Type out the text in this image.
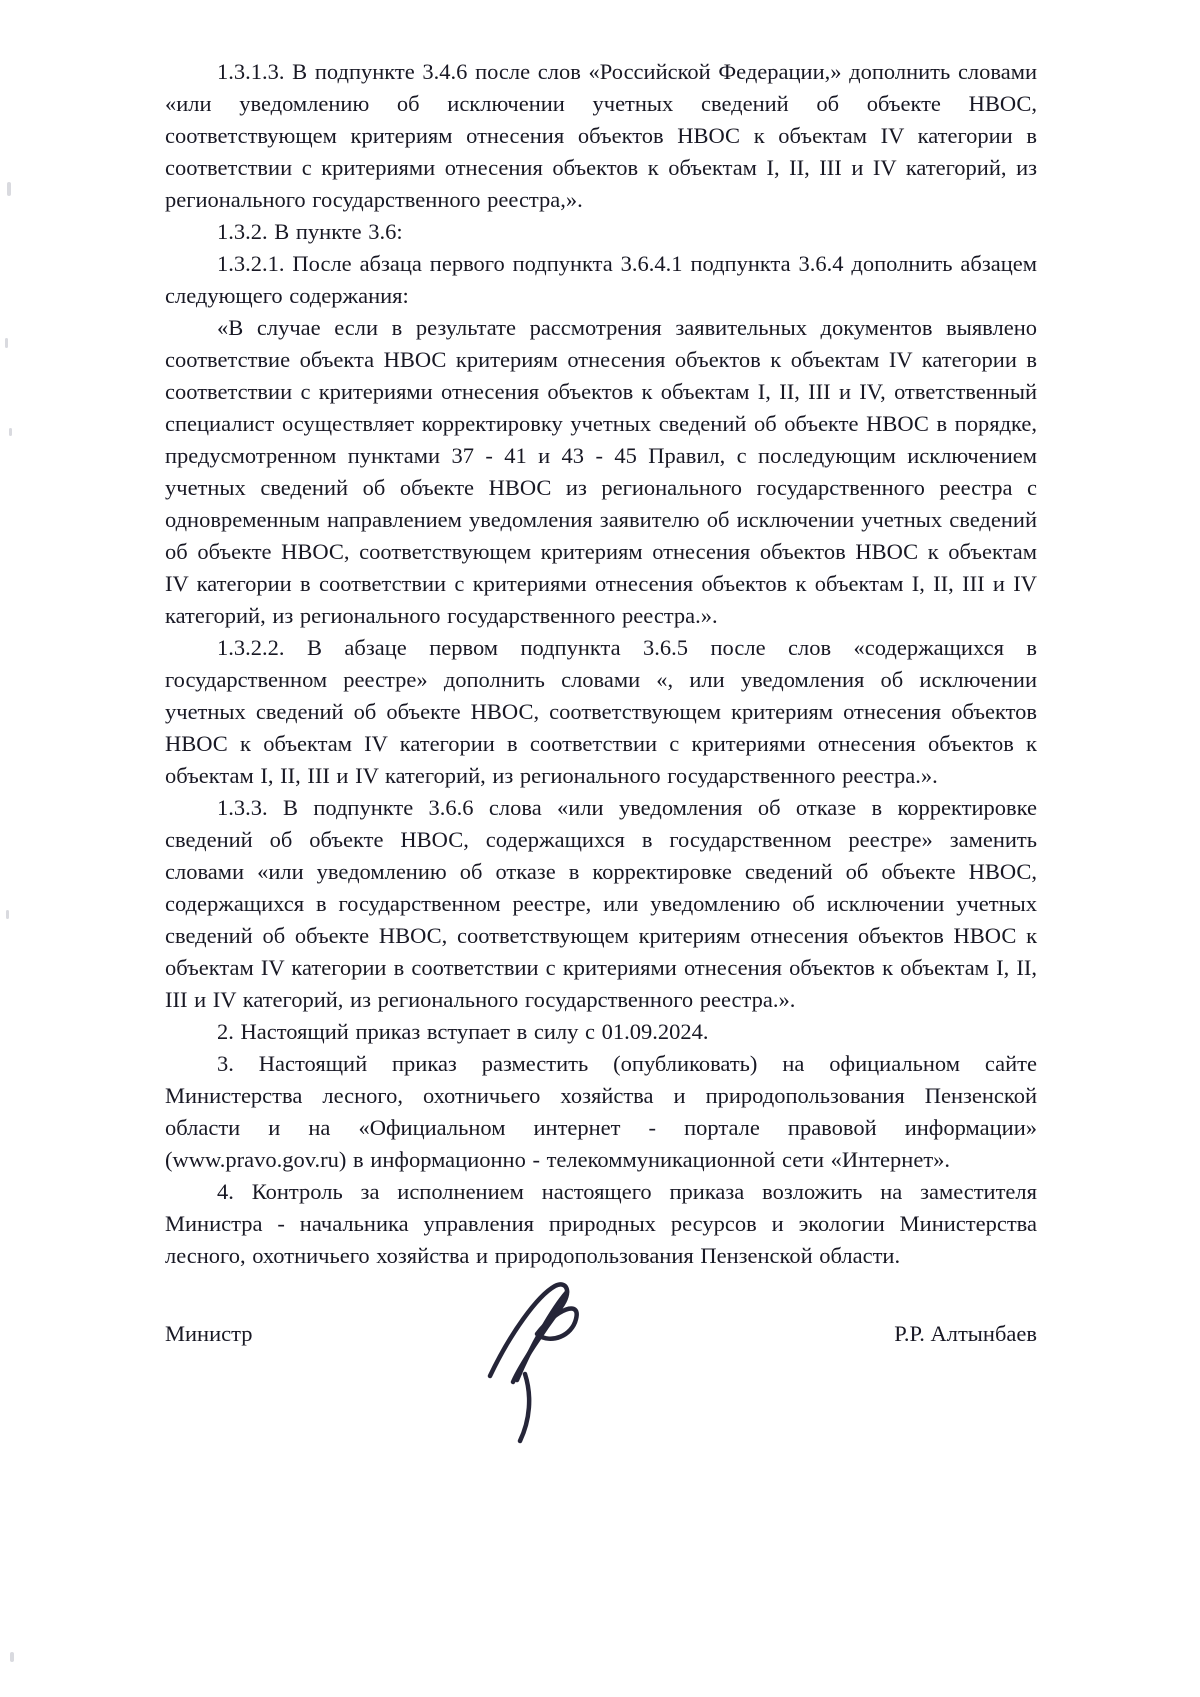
1.3.1.3. В подпункте 3.4.6 после слов «Российской Федерации,» дополнить словами «или уведомлению об исключении учетных сведений об объекте НВОС, соответствующем критериям отнесения объектов НВОС к объектам IV категории в соответствии с критериями отнесения объектов к объектам I, II, III и IV категорий, из регионального государственного реестра,».

1.3.2. В пункте 3.6:

1.3.2.1. После абзаца первого подпункта 3.6.4.1 подпункта 3.6.4 дополнить абзацем следующего содержания:

«В случае если в результате рассмотрения заявительных документов выявлено соответствие объекта НВОС критериям отнесения объектов к объектам IV категории в соответствии с критериями отнесения объектов к объектам I, II, III и IV, ответственный специалист осуществляет корректировку учетных сведений об объекте НВОС в порядке, предусмотренном пунктами 37 - 41 и 43 - 45 Правил, с последующим исключением учетных сведений об объекте НВОС из регионального государственного реестра с одновременным направлением уведомления заявителю об исключении учетных сведений об объекте НВОС, соответствующем критериям отнесения объектов НВОС к объектам IV категории в соответствии с критериями отнесения объектов к объектам I, II, III и IV категорий, из регионального государственного реестра.».

1.3.2.2. В абзаце первом подпункта 3.6.5 после слов «содержащихся в государственном реестре» дополнить словами «, или уведомления об исключении учетных сведений об объекте НВОС, соответствующем критериям отнесения объектов НВОС к объектам IV категории в соответствии с критериями отнесения объектов к объектам I, II, III и IV категорий, из регионального государственного реестра.».

1.3.3. В подпункте 3.6.6 слова «или уведомления об отказе в корректировке сведений об объекте НВОС, содержащихся в государственном реестре» заменить словами «или уведомлению об отказе в корректировке сведений об объекте НВОС, содержащихся в государственном реестре, или уведомлению об исключении учетных сведений об объекте НВОС, соответствующем критериям отнесения объектов НВОС к объектам IV категории в соответствии с критериями отнесения объектов к объектам I, II, III и IV категорий, из регионального государственного реестра.».

2. Настоящий приказ вступает в силу с 01.09.2024.

3. Настоящий приказ разместить (опубликовать) на официальном сайте Министерства лесного, охотничьего хозяйства и природопользования Пензенской области и на «Официальном интернет - портале правовой информации» (www.pravo.gov.ru) в информационно - телекоммуникационной сети «Интернет».

4. Контроль за исполнением настоящего приказа возложить на заместителя Министра - начальника управления природных ресурсов и экологии Министерства лесного, охотничьего хозяйства и природопользования Пензенской области.

Министр	Р.Р. Алтынбаев
